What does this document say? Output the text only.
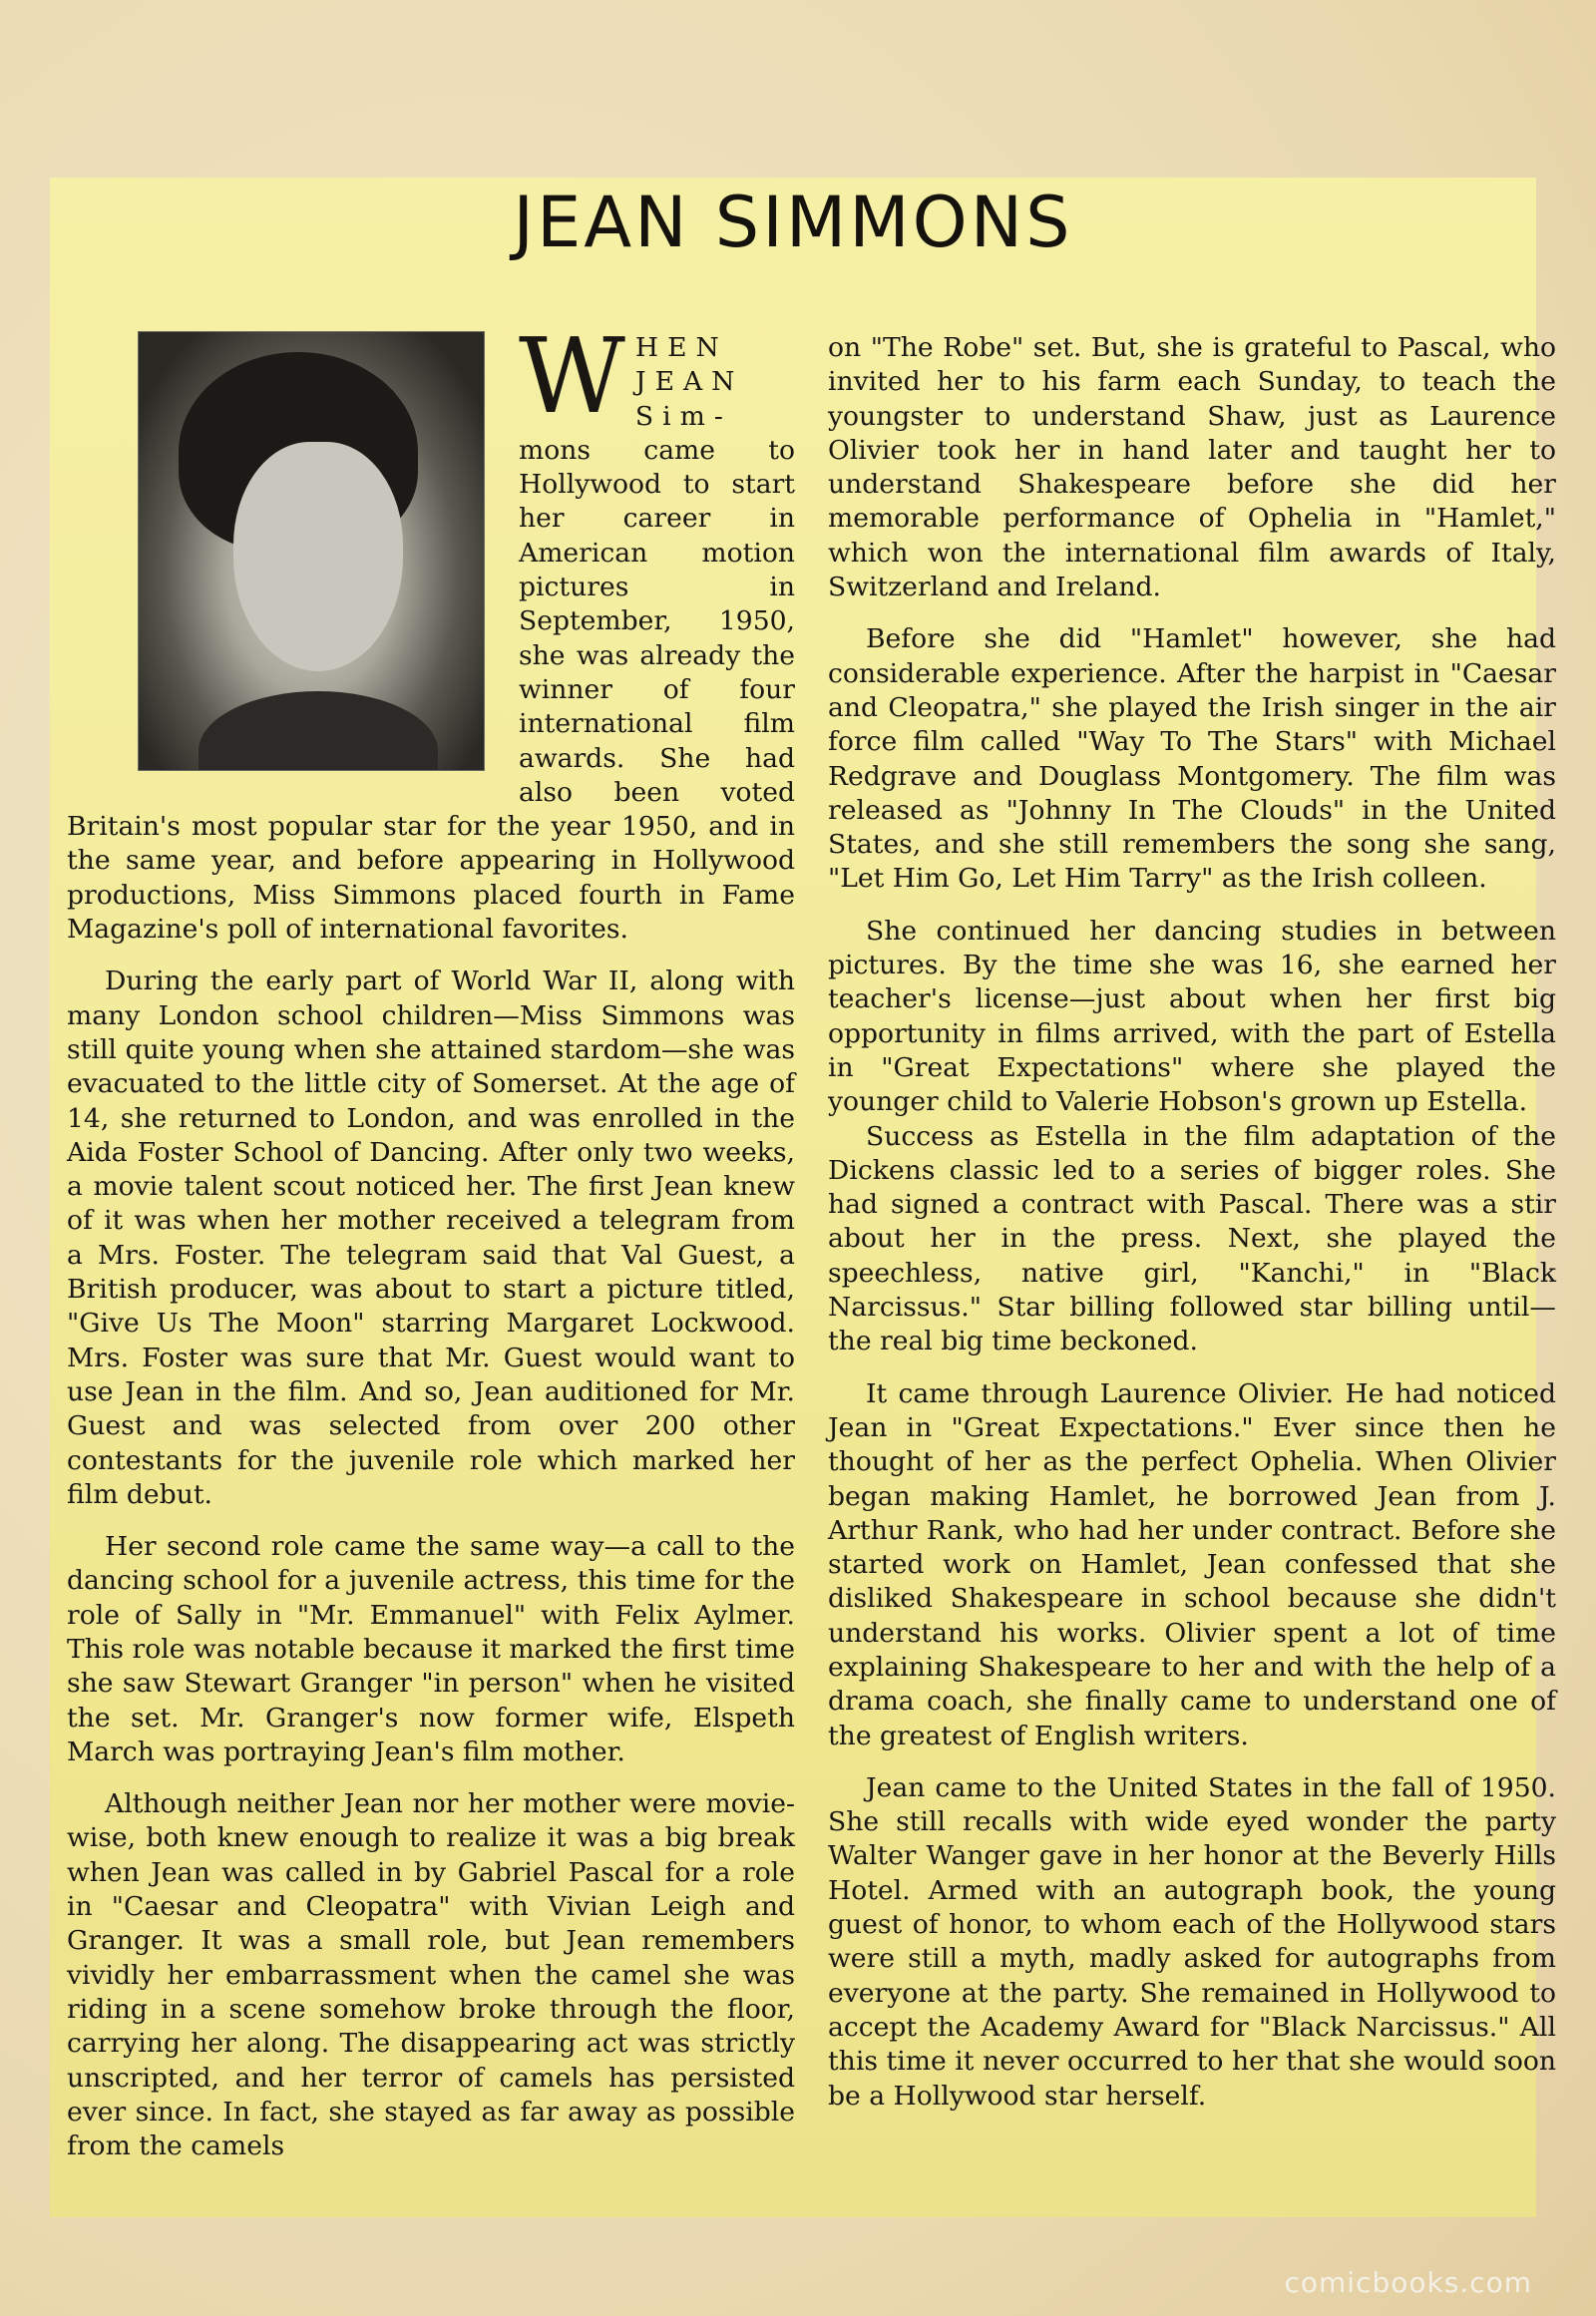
JEAN SIMMONS

W HEN JEAN Sim- mons came to Hollywood to start her career in American motion pictures in September, 1950, she was already the winner of four international film awards. She had also been voted Britain's most popular star for the year 1950, and in the same year, and before appearing in Hollywood productions, Miss Simmons placed fourth in Fame Magazine's poll of international favorites.

During the early part of World War II, along with many London school children—Miss Simmons was still quite young when she attained stardom—she was evacuated to the little city of Somerset. At the age of 14, she returned to London, and was enrolled in the Aida Foster School of Dancing. After only two weeks, a movie talent scout noticed her. The first Jean knew of it was when her mother received a telegram from a Mrs. Foster. The telegram said that Val Guest, a British producer, was about to start a picture titled, "Give Us The Moon" starring Margaret Lockwood. Mrs. Foster was sure that Mr. Guest would want to use Jean in the film. And so, Jean auditioned for Mr. Guest and was selected from over 200 other contestants for the juvenile role which marked her film debut.

Her second role came the same way—a call to the dancing school for a juvenile actress, this time for the role of Sally in "Mr. Emmanuel" with Felix Aylmer. This role was notable because it marked the first time she saw Stewart Granger "in person" when he visited the set. Mr. Granger's now former wife, Elspeth March was portraying Jean's film mother.

Although neither Jean nor her mother were movie-wise, both knew enough to realize it was a big break when Jean was called in by Gabriel Pascal for a role in "Caesar and Cleopatra" with Vivian Leigh and Granger. It was a small role, but Jean remembers vividly her embarrassment when the camel she was riding in a scene somehow broke through the floor, carrying her along. The disappearing act was strictly unscripted, and her terror of camels has persisted ever since. In fact, she stayed as far away as possible from the camels

on "The Robe" set. But, she is grateful to Pascal, who invited her to his farm each Sunday, to teach the youngster to understand Shaw, just as Laurence Olivier took her in hand later and taught her to understand Shakespeare before she did her memorable performance of Ophelia in "Hamlet," which won the international film awards of Italy, Switzerland and Ireland.

Before she did "Hamlet" however, she had considerable experience. After the harpist in "Caesar and Cleopatra," she played the Irish singer in the air force film called "Way To The Stars" with Michael Redgrave and Douglass Montgomery. The film was released as "Johnny In The Clouds" in the United States, and she still remembers the song she sang, "Let Him Go, Let Him Tarry" as the Irish colleen.

She continued her dancing studies in between pictures. By the time she was 16, she earned her teacher's license—just about when her first big opportunity in films arrived, with the part of Estella in "Great Expectations" where she played the younger child to Valerie Hobson's grown up Estella.

Success as Estella in the film adaptation of the Dickens classic led to a series of bigger roles. She had signed a contract with Pascal. There was a stir about her in the press. Next, she played the speechless, native girl, "Kanchi," in "Black Narcissus." Star billing followed star billing until—the real big time beckoned.

It came through Laurence Olivier. He had noticed Jean in "Great Expectations." Ever since then he thought of her as the perfect Ophelia. When Olivier began making Hamlet, he borrowed Jean from J. Arthur Rank, who had her under contract. Before she started work on Hamlet, Jean confessed that she disliked Shakespeare in school because she didn't understand his works. Olivier spent a lot of time explaining Shakespeare to her and with the help of a drama coach, she finally came to understand one of the greatest of English writers.

Jean came to the United States in the fall of 1950. She still recalls with wide eyed wonder the party Walter Wanger gave in her honor at the Beverly Hills Hotel. Armed with an autograph book, the young guest of honor, to whom each of the Hollywood stars were still a myth, madly asked for autographs from everyone at the party. She remained in Hollywood to accept the Academy Award for "Black Narcissus." All this time it never occurred to her that she would soon be a Hollywood star herself.

comicbooks.com
